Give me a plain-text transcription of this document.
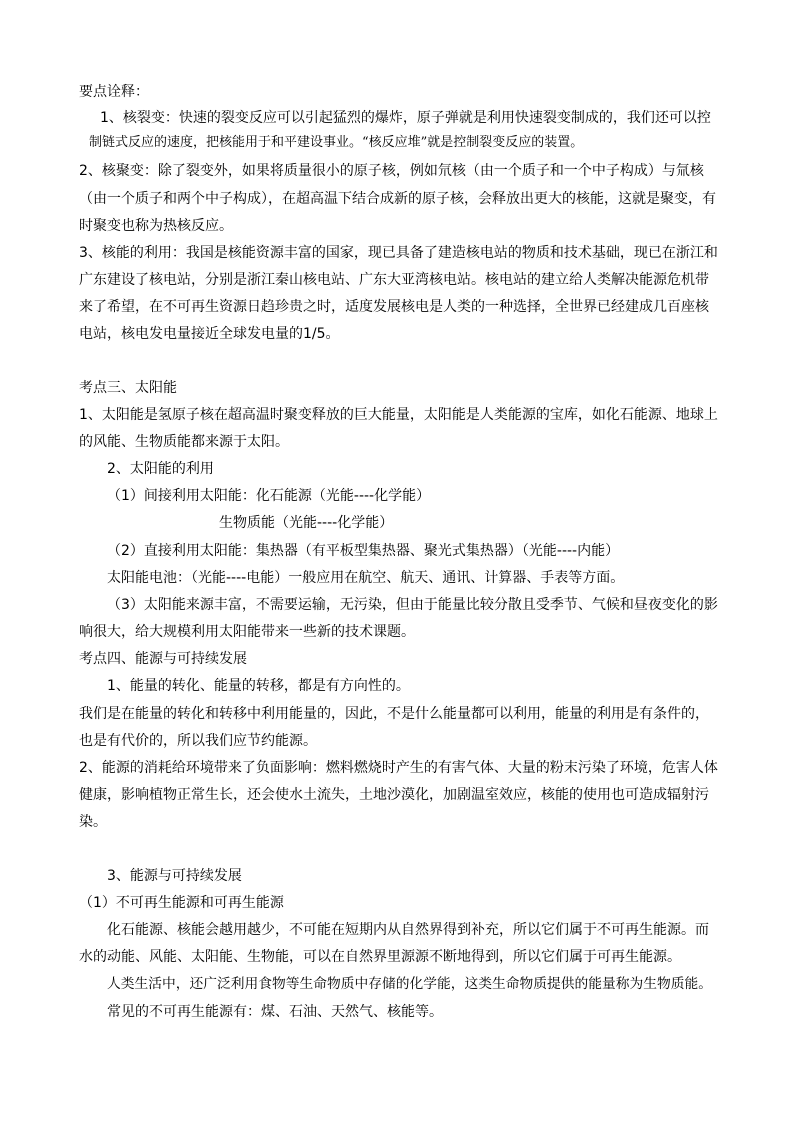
要点诠释：
1、核裂变：快速的裂变反应可以引起猛烈的爆炸，原子弹就是利用快速裂变制成的，我们还可以控
制链式反应的速度，把核能用于和平建设事业。“核反应堆”就是控制裂变反应的装置。
2、核聚变：除了裂变外，如果将质量很小的原子核，例如氘核（由一个质子和一个中子构成）与氚核
（由一个质子和两个中子构成），在超高温下结合成新的原子核，会释放出更大的核能，这就是聚变，有
时聚变也称为热核反应。
3、核能的利用：我国是核能资源丰富的国家，现已具备了建造核电站的物质和技术基础，现已在浙江和
广东建设了核电站，分别是浙江秦山核电站、广东大亚湾核电站。核电站的建立给人类解决能源危机带
来了希望，在不可再生资源日趋珍贵之时，适度发展核电是人类的一种选择，全世界已经建成几百座核
电站，核电发电量接近全球发电量的1/5。
考点三、太阳能
1、太阳能是氢原子核在超高温时聚变释放的巨大能量，太阳能是人类能源的宝库，如化石能源、地球上
的风能、生物质能都来源于太阳。
2、太阳能的利用
（1）间接利用太阳能：化石能源（光能----化学能）
生物质能（光能----化学能）
（2）直接利用太阳能：集热器（有平板型集热器、聚光式集热器）（光能----内能）
太阳能电池：（光能----电能）一般应用在航空、航天、通讯、计算器、手表等方面。
（3）太阳能来源丰富，不需要运输，无污染，但由于能量比较分散且受季节、气候和昼夜变化的影
响很大，给大规模利用太阳能带来一些新的技术课题。
考点四、能源与可持续发展
1、能量的转化、能量的转移，都是有方向性的。
我们是在能量的转化和转移中利用能量的，因此，不是什么能量都可以利用，能量的利用是有条件的，
也是有代价的，所以我们应节约能源。
2、能源的消耗给环境带来了负面影响：燃料燃烧时产生的有害气体、大量的粉末污染了环境，危害人体
健康，影响植物正常生长，还会使水土流失，土地沙漠化，加剧温室效应，核能的使用也可造成辐射污
染。
3、能源与可持续发展
（1）不可再生能源和可再生能源
化石能源、核能会越用越少，不可能在短期内从自然界得到补充，所以它们属于不可再生能源。而
水的动能、风能、太阳能、生物能，可以在自然界里源源不断地得到，所以它们属于可再生能源。
人类生活中，还广泛利用食物等生命物质中存储的化学能，这类生命物质提供的能量称为生物质能。
常见的不可再生能源有：煤、石油、天然气、核能等。
